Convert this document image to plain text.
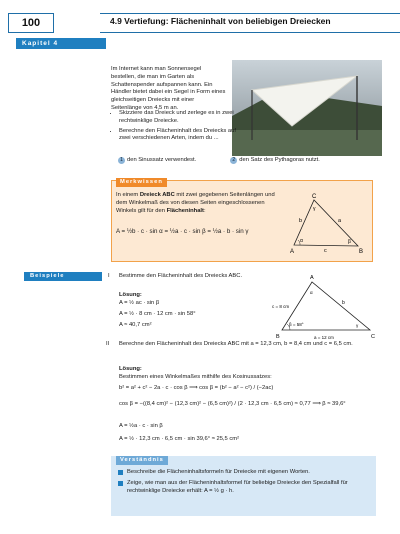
100	4.9 Vertiefung: Flächeninhalt von beliebigen Dreiecken
Kapitel 4
Im Internet kann man Sonnensegel bestellen, die man im Garten als Schattenspender aufspannen kann. Ein Händler bietet dabei ein Segel in Form eines gleichseitigen Dreiecks mit einer Seitenlänge von 4,5 m an.
• Skizziere das Dreieck und zerlege es in zwei rechtwinklige Dreiecke.
• Berechne den Flächeninhalt des Dreiecks auf zwei verschiedenen Arten, indem du ...
1 den Sinussatz verwendest.	2 den Satz des Pythagoras nutzt.
Merkwissen
In einem Dreieck ABC mit zwei gegebenen Seitenlängen und dem Winkelmaß des von diesen Seiten eingeschlossenen Winkels gilt für den Flächeninhalt:
A = ½b · c · sin α = ½a · c · sin β = ½a · b · sin γ
A	B
C
a
b
c
α	β
γ
Beispiele	I Bestimme den Flächeninhalt des Dreiecks ABC.
Lösung:
A = ½ ac · sin β
A = ½ · 8 cm · 12 cm · sin 58°
A ≈ 40,7 cm²
A
B	C
c = 8 cm
b
a = 12 cm
β = 58°
α
γ
II Berechne den Flächeninhalt des Dreiecks ABC mit a = 12,3 cm, b = 8,4 cm und c = 6,5 cm.
Lösung:
Bestimmen eines Winkelmaßes mithilfe des Kosinussatzes:
b² = a² + c² − 2a · c · cos β ⟹ cos β = (b² − a² − c²) / (−2ac)
cos β = −((8,4 cm)² − (12,3 cm)² − (6,5 cm)²) / (2 · 12,3 cm · 6,5 cm) ≈ 0,77 ⟹ β ≈ 39,6°
A = ½a · c · sin β
A = ½ · 12,3 cm · 6,5 cm · sin 39,6° ≈ 25,5 cm²
Verständnis
Beschreibe die Flächeninhaltsformeln für Dreiecke mit eigenen Worten.
Zeige, wie man aus der Flächeninhaltsformel für beliebige Dreiecke den Spezialfall für rechtwinklige Dreiecke erhält: A = ½ g · h.
